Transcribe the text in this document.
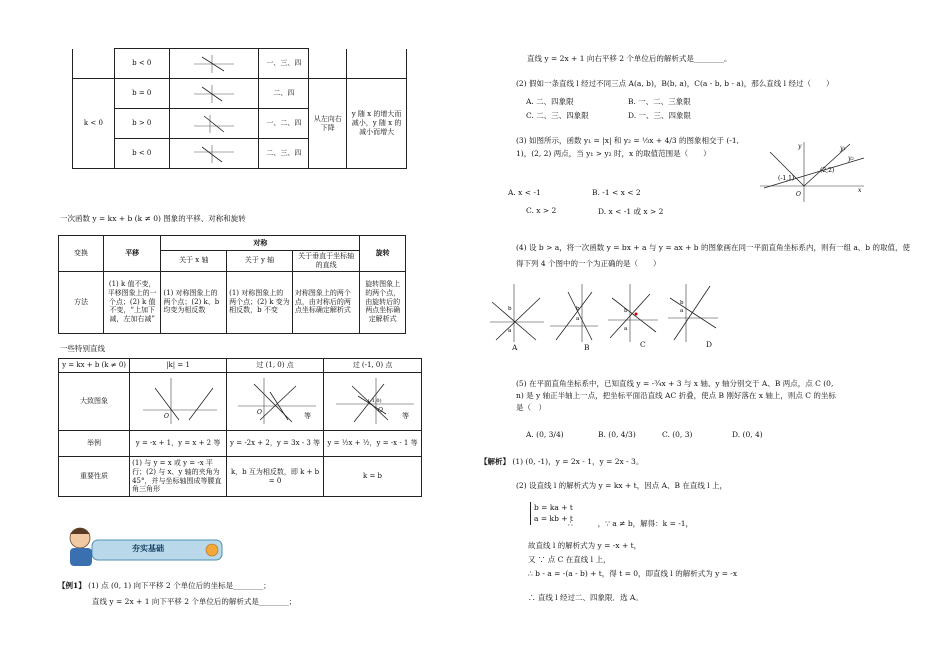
	b < 0		一、三、四		
k < 0	b = 0		二、四	从左向右下降	y 随 x 的增大而减小，y 随 x 的减小而增大
	b > 0		一、二、四		
	b < 0		二、三、四		
一次函数 y = kx + b (k ≠ 0) 图象的平移、对称和旋转
变换	平移	对称			旋转
		关于 x 轴	关于 y 轴	关于垂直于坐标轴的直线	
方法	(1) k 值不变，平移图象上的一个点；(2) k 值不变，“上加下减，左加右减”	(1) 对称图象上的两个点；(2) k、b 均变为相反数	(1) 对称图象上的两个点；(2) k 变为相反数，b 不变	对称图象上的两个点，由对称后的两点坐标确定解析式	旋转图象上的两个点，由旋转后的两点坐标确定解析式
一些特别直线
y = kx + b (k ≠ 0)	|k| = 1	过 (1, 0) 点	过 (-1, 0) 点
大致图象	O	O 等	(-1,0)
O
等

举例	y = -x + 1，y = x + 2 等	y = -2x + 2，y = 3x - 3 等	y = ½x + ½，y = -x - 1 等
重要性质	(1) 与 y = x 或 y = -x 平行；(2) 与 x、y 轴的夹角为 45°，并与坐标轴围成等腰直角三角形	k，b 互为相反数，即 k + b = 0	k = b
夯实基础
【例1】 (1) 点 (0, 1) 向下平移 2 个单位后的坐标是________；
直线 y = 2x + 1 向下平移 2 个单位后的解析式是________；
直线 y = 2x + 1 向右平移 2 个单位后的解析式是________。
(2) 假如一条直线 l 经过不同三点 A(a, b)，B(b, a)，C(a - b, b - a)，那么直线 l 经过（　　）
A. 二、四象限	B. 一、二、三象限
C. 二、三、四象限	D. 一、三、四象限
(3) 如图所示，函数 y₁ = |x| 和 y₂ = ⅓x + 4/3 的图象相交于 (-1, 1)，(2, 2) 两点，当 y₁ > y₂ 时，x 的取值范围是（　　）
A. x < -1	B. -1 < x < 2
C. x > 2	D. x < -1 或 x > 2
(-1,1)
(2,2)
O
y₁
y₂
x
y
(4) 设 b > a，将一次函数 y = bx + a 与 y = ax + b 的图象画在同一平面直角坐标系内，则有一组 a、b 的取值，使得下列 4 个图中的一个为正确的是（　　）
b
a
b
a
b
a
b
a
A	B	C	D
(5) 在平面直角坐标系中，已知直线 y = -¾x + 3 与 x 轴、y 轴分别交于 A、B 两点，点 C (0, n) 是 y 轴正半轴上一点，把坐标平面沿直线 AC 折叠，使点 B 刚好落在 x 轴上，则点 C 的坐标是（　）
A. (0, 3/4)	B. (0, 4/3)	C. (0, 3)	D. (0, 4)
【解析】 (1) (0, -1)，y = 2x - 1，y = 2x - 3。
(2) 设直线 l 的解析式为 y = kx + t，因点 A、B 在直线 l 上，
b = ka + t
a = kb + t
∴ 　　　，∵ a ≠ b，解得：k = -1，
故直线 l 的解析式为 y = -x + t，
又 ∵ 点 C 在直线 l 上，
∴ b - a = -(a - b) + t，得 t = 0，即直线 l 的解析式为 y = -x
∴ 直线 l 经过二、四象限．选 A。
